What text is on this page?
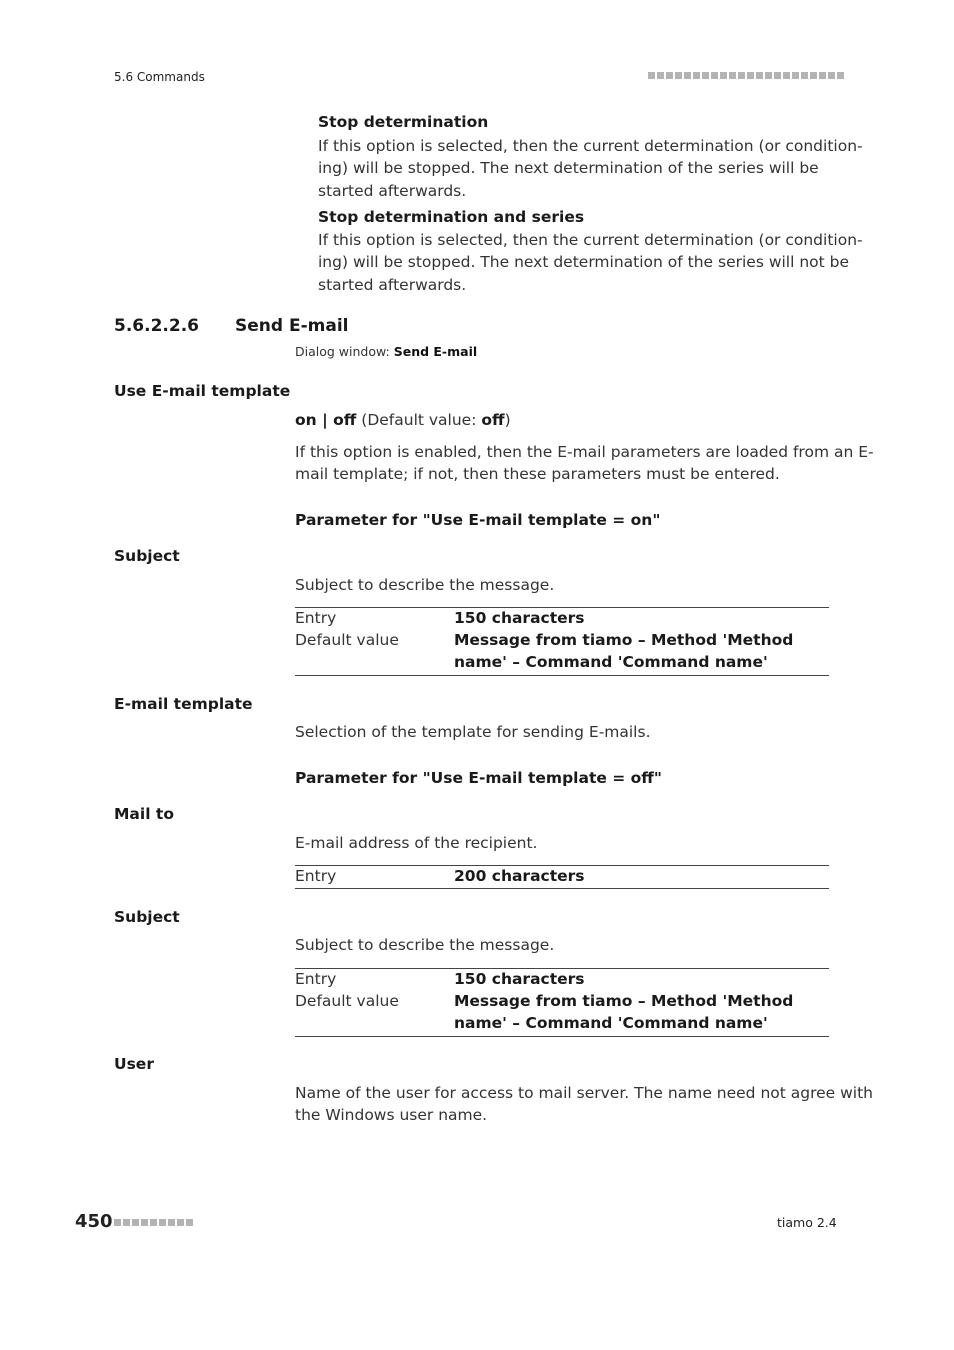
5.6 Commands
Stop determination
If this option is selected, then the current determination (or condition-
ing) will be stopped. The next determination of the series will be
started afterwards.
Stop determination and series
If this option is selected, then the current determination (or condition-
ing) will be stopped. The next determination of the series will not be
started afterwards.
5.6.2.2.6 Send E-mail
Dialog window: Send E-mail
Use E-mail template
on | off (Default value: off)
If this option is enabled, then the E-mail parameters are loaded from an E-
mail template; if not, then these parameters must be entered.
Parameter for "Use E-mail template = on"
Subject
Subject to describe the message.
Entry	150 characters
Default value	Message from tiamo – Method 'Method
name' – Command 'Command name'
E-mail template
Selection of the template for sending E-mails.
Parameter for "Use E-mail template = off"
Mail to
E-mail address of the recipient.
Entry	200 characters
Subject
Subject to describe the message.
Entry	150 characters
Default value	Message from tiamo – Method 'Method
name' – Command 'Command name'
User
Name of the user for access to mail server. The name need not agree with
the Windows user name.
450	tiamo 2.4
